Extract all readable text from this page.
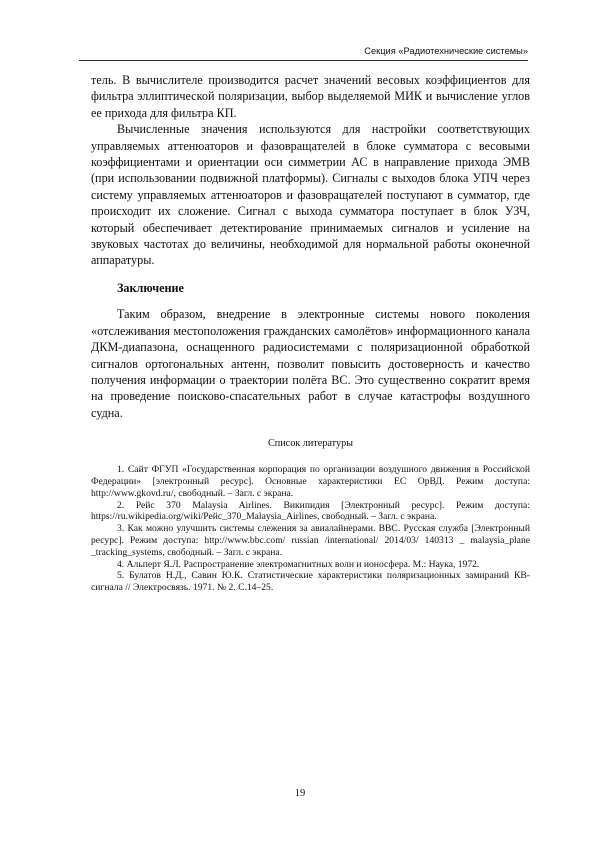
Секция «Радиотехнические системы»

тель. В вычислителе производится расчет значений весовых коэффициентов для фильтра эллиптической поляризации, выбор выделяемой МИК и вычисление углов ее прихода для фильтра КП.

Вычисленные значения используются для настройки соответствующих управляемых аттенюаторов и фазовращателей в блоке сумматора с весовыми коэффициентами и ориентации оси симметрии АС в направление прихода ЭМВ (при использовании подвижной платформы). Сигналы с выходов блока УПЧ через систему управляемых аттенюаторов и фазовращателей поступают в сумматор, где происходит их сложение. Сигнал с выхода сумматора поступает в блок УЗЧ, который обеспечивает детектирование принимаемых сигналов и усиление на звуковых частотах до величины, необходимой для нормальной работы оконечной аппаратуры.

Заключение

Таким образом, внедрение в электронные системы нового поколения «отслеживания местоположения гражданских самолётов» информационного канала ДКМ-диапазона, оснащенного радиосистемами с поляризационной обработкой сигналов ортогональных антенн, позволит повысить достоверность и качество получения информации о траектории полёта ВС. Это существенно сократит время на проведение поисково-спасательных работ в случае катастрофы воздушного судна.

Список литературы
1. Сайт ФГУП «Государственная корпорация по организации воздушного движения в Российской Федерации» [электронный ресурс]. Основные характеристики ЕС ОрВД. Режим доступа: http://www.gkovd.ru/, свободный. – Загл. с экрана.
2. Рейс 370 Malaysia Airlines. Википидия [Электронный ресурс]. Режим доступа: https://ru.wikipedia.org/wiki/Рейс_370_Malaysia_Airlines, свободный. – Загл. с экрана.
3. Как можно улучшить системы слежения за авиалайнерами. BBC. Русская служба [Электронный ресурс]. Режим доступа: http://www.bbc.com/ russian /international/ 2014/03/ 140313 _ malaysia_plane _tracking_systems, свободный. – Загл. с экрана.
4. Альперт Я.Л. Распространение электромагнитных волн и ионосфера. М.: Наука, 1972.
5. Булатов Н.Д., Савин Ю.К. Статистические характеристики поляризационных замираний КВ-сигнала // Электросвязь. 1971. № 2. С.14–25.
19
